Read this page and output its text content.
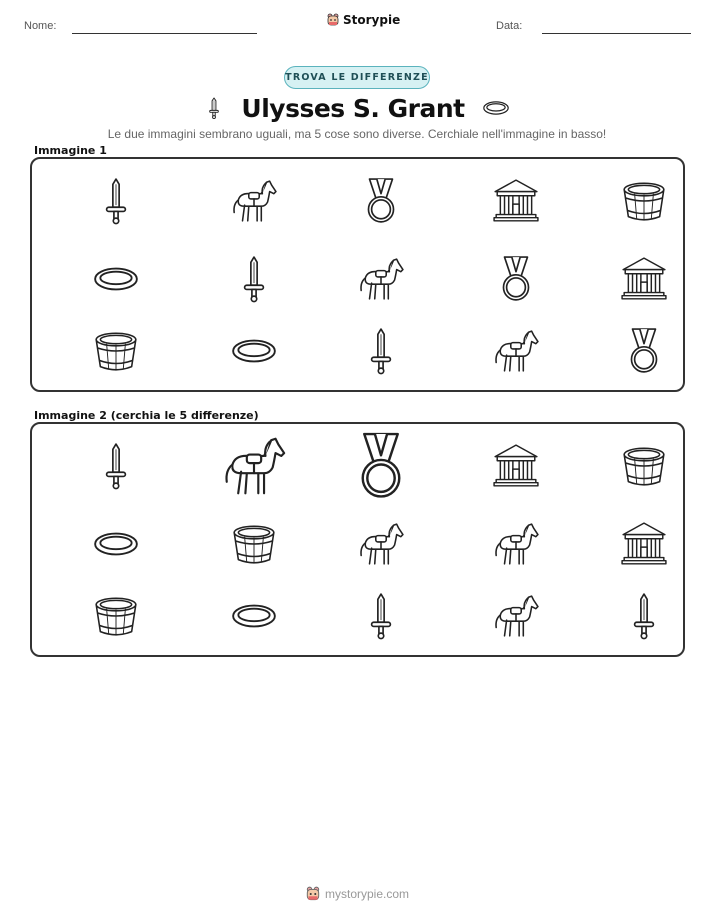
Nome:	Storypie	Data:
TROVA LE DIFFERENZE
Ulysses S. Grant
Le due immagini sembrano uguali, ma 5 cose sono diverse. Cerchiale nell'immagine in basso!
Immagine 1
Immagine 2 (cerchia le 5 differenze)
mystorypie.com
